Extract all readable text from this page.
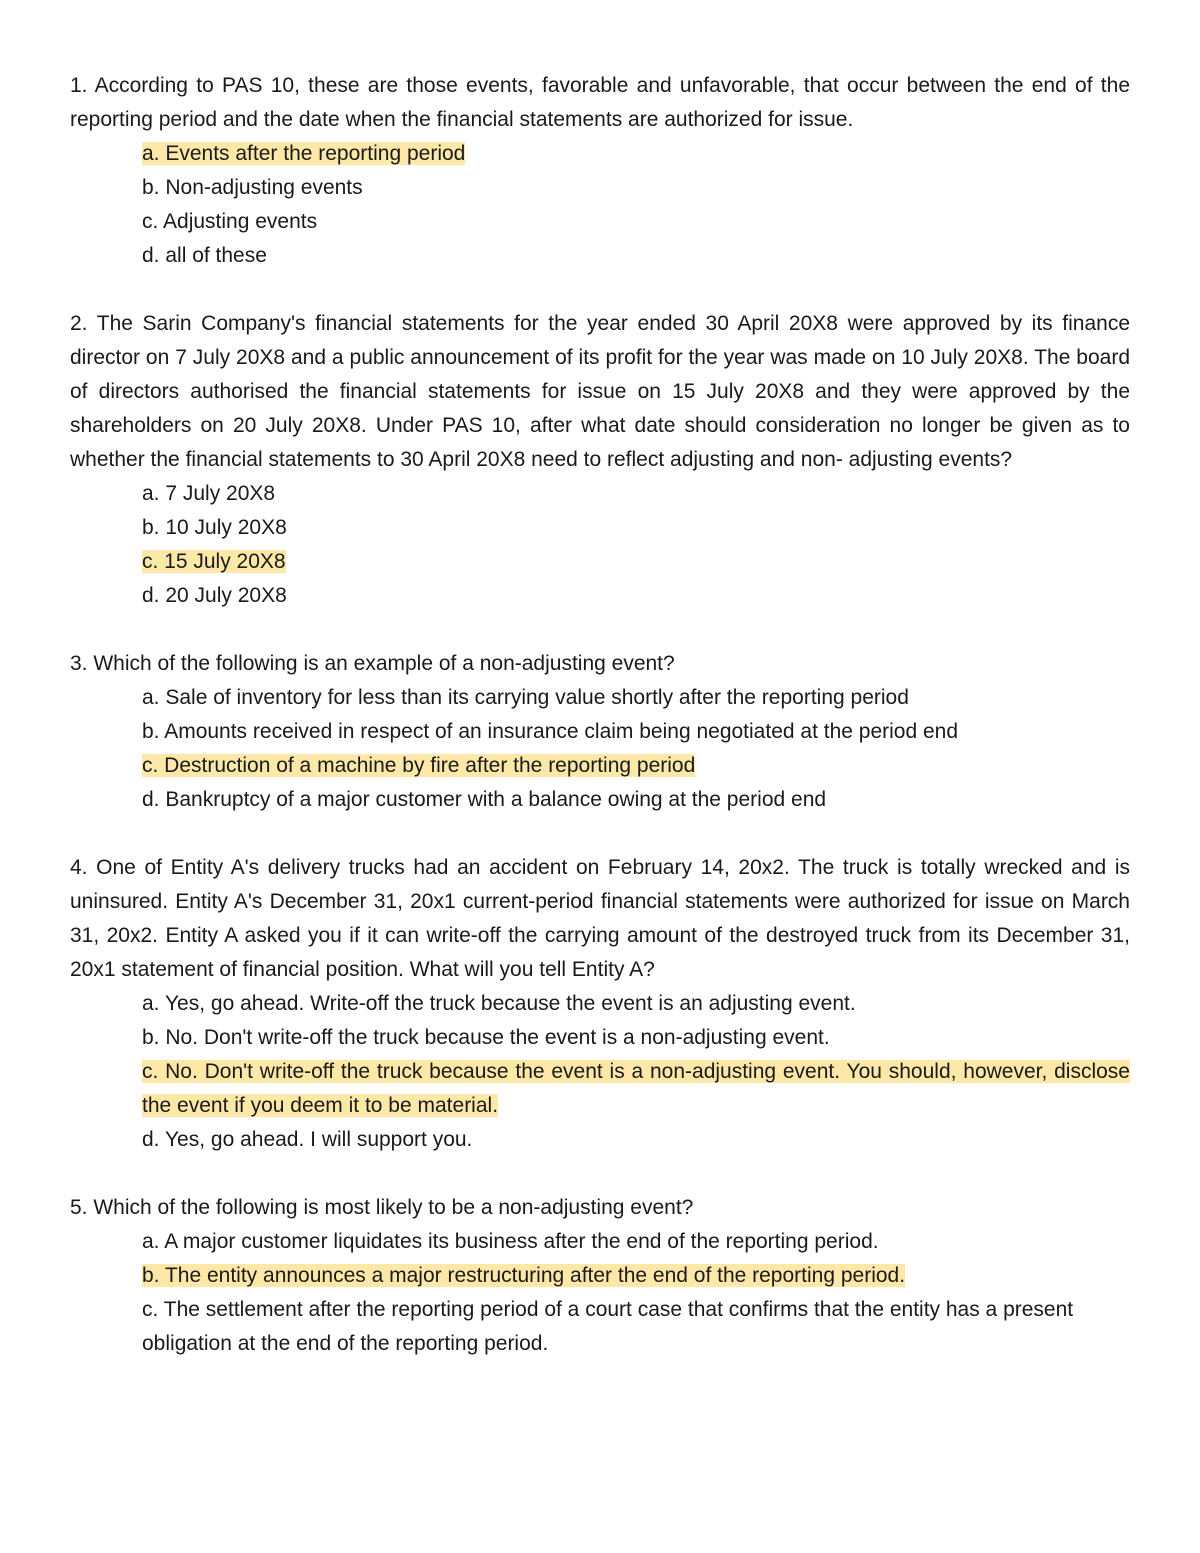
1. According to PAS 10, these are those events, favorable and unfavorable, that occur between the end of the reporting period and the date when the financial statements are authorized for issue.

a. Events after the reporting period
b. Non-adjusting events
c. Adjusting events
d. all of these

2. The Sarin Company's financial statements for the year ended 30 April 20X8 were approved by its finance director on 7 July 20X8 and a public announcement of its profit for the year was made on 10 July 20X8. The board of directors authorised the financial statements for issue on 15 July 20X8 and they were approved by the shareholders on 20 July 20X8. Under PAS 10, after what date should consideration no longer be given as to whether the financial statements to 30 April 20X8 need to reflect adjusting and non- adjusting events?

a. 7 July 20X8
b. 10 July 20X8
c. 15 July 20X8
d. 20 July 20X8

3. Which of the following is an example of a non-adjusting event?

a. Sale of inventory for less than its carrying value shortly after the reporting period
b. Amounts received in respect of an insurance claim being negotiated at the period end
c. Destruction of a machine by fire after the reporting period
d. Bankruptcy of a major customer with a balance owing at the period end

4. One of Entity A's delivery trucks had an accident on February 14, 20x2. The truck is totally wrecked and is uninsured. Entity A's December 31, 20x1 current-period financial statements were authorized for issue on March 31, 20x2. Entity A asked you if it can write-off the carrying amount of the destroyed truck from its December 31, 20x1 statement of financial position. What will you tell Entity A?

a. Yes, go ahead. Write-off the truck because the event is an adjusting event.
b. No. Don't write-off the truck because the event is a non-adjusting event.
c. No. Don't write-off the truck because the event is a non-adjusting event. You should, however, disclose the event if you deem it to be material.
d. Yes, go ahead. I will support you.

5. Which of the following is most likely to be a non-adjusting event?

a. A major customer liquidates its business after the end of the reporting period.
b. The entity announces a major restructuring after the end of the reporting period.
c. The settlement after the reporting period of a court case that confirms that the entity has a present obligation at the end of the reporting period.
